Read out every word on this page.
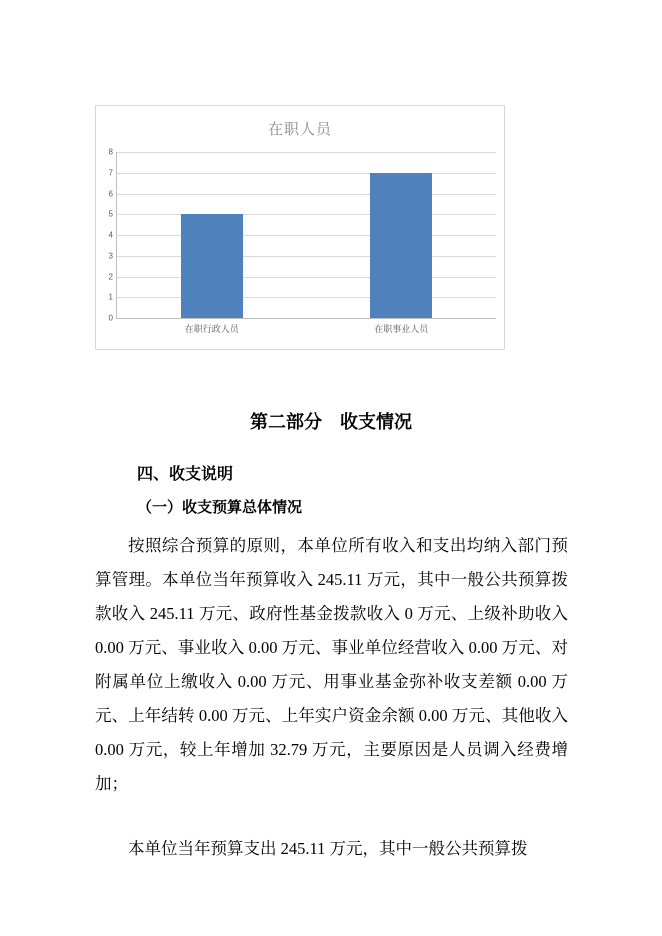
在职人员
0
1
2
3
4
5
6
7
8
在职行政人员	在职事业人员
第二部分　收支情况
四、收支说明
（一）收支预算总体情况

按照综合预算的原则，本单位所有收入和支出均纳入部门预算管理。本单位当年预算收入 245.11 万元，其中一般公共预算拨款收入 245.11 万元、政府性基金拨款收入 0 万元、上级补助收入 0.00 万元、事业收入 0.00 万元、事业单位经营收入 0.00 万元、对附属单位上缴收入 0.00 万元、用事业基金弥补收支差额 0.00 万元、上年结转 0.00 万元、上年实户资金余额 0.00 万元、其他收入 0.00 万元，较上年增加 32.79 万元，主要原因是人员调入经费增加；

本单位当年预算支出 245.11 万元，其中一般公共预算拨
